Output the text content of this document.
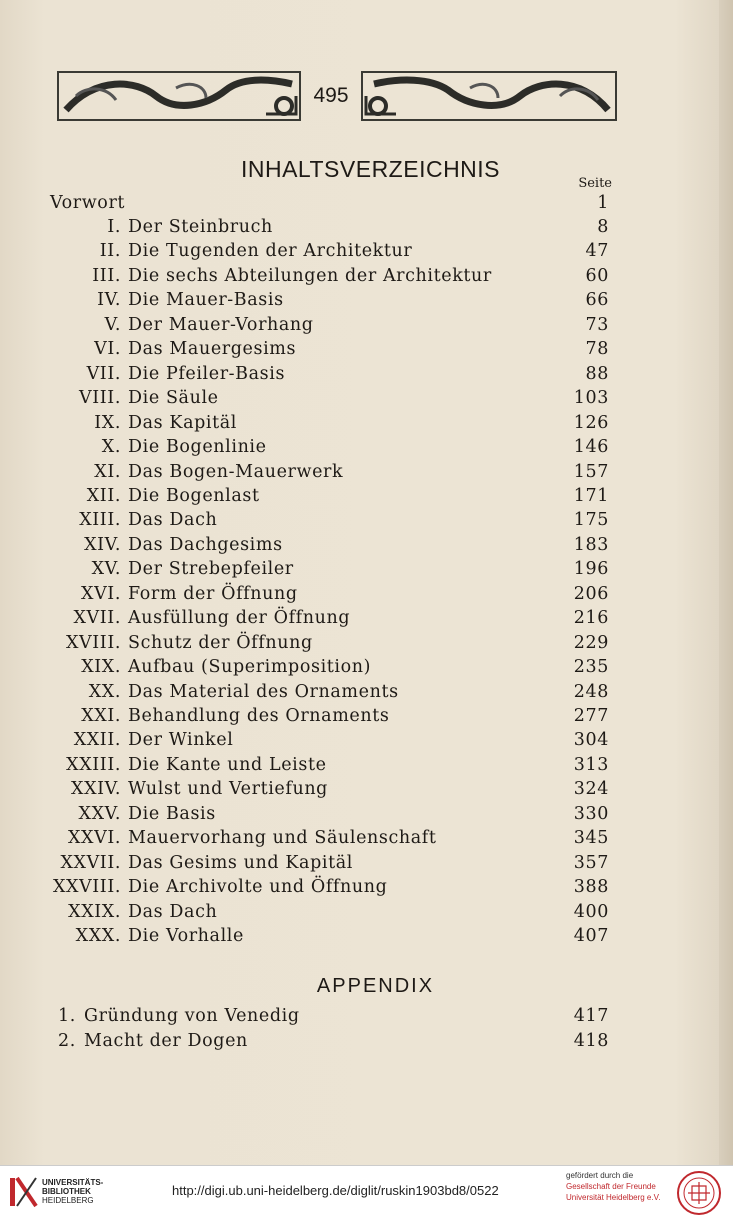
495
INHALTSVERZEICHNIS
Seite
Vorwort	1
I. Der Steinbruch	8
II. Die Tugenden der Architektur	47
III. Die sechs Abteilungen der Architektur	60
IV. Die Mauer-Basis	66
V. Der Mauer-Vorhang	73
VI. Das Mauergesims	78
VII. Die Pfeiler-Basis	88
VIII. Die Säule	103
IX. Das Kapitäl	126
X. Die Bogenlinie	146
XI. Das Bogen-Mauerwerk	157
XII. Die Bogenlast	171
XIII. Das Dach	175
XIV. Das Dachgesims	183
XV. Der Strebepfeiler	196
XVI. Form der Öffnung	206
XVII. Ausfüllung der Öffnung	216
XVIII. Schutz der Öffnung	229
XIX. Aufbau (Superimposition)	235
XX. Das Material des Ornaments	248
XXI. Behandlung des Ornaments	277
XXII. Der Winkel	304
XXIII. Die Kante und Leiste	313
XXIV. Wulst und Vertiefung	324
XXV. Die Basis	330
XXVI. Mauervorhang und Säulenschaft	345
XXVII. Das Gesims und Kapitäl	357
XXVIII. Die Archivolte und Öffnung	388
XXIX. Das Dach	400
XXX. Die Vorhalle	407
APPENDIX
1. Gründung von Venedig	417
2. Macht der Dogen	418
UNIVERSITÄTS-
BIBLIOTHEK
HEIDELBERG
http://digi.ub.uni-heidelberg.de/diglit/ruskin1903bd8/0522
gefördert durch die
Gesellschaft der Freunde
Universität Heidelberg e.V.
